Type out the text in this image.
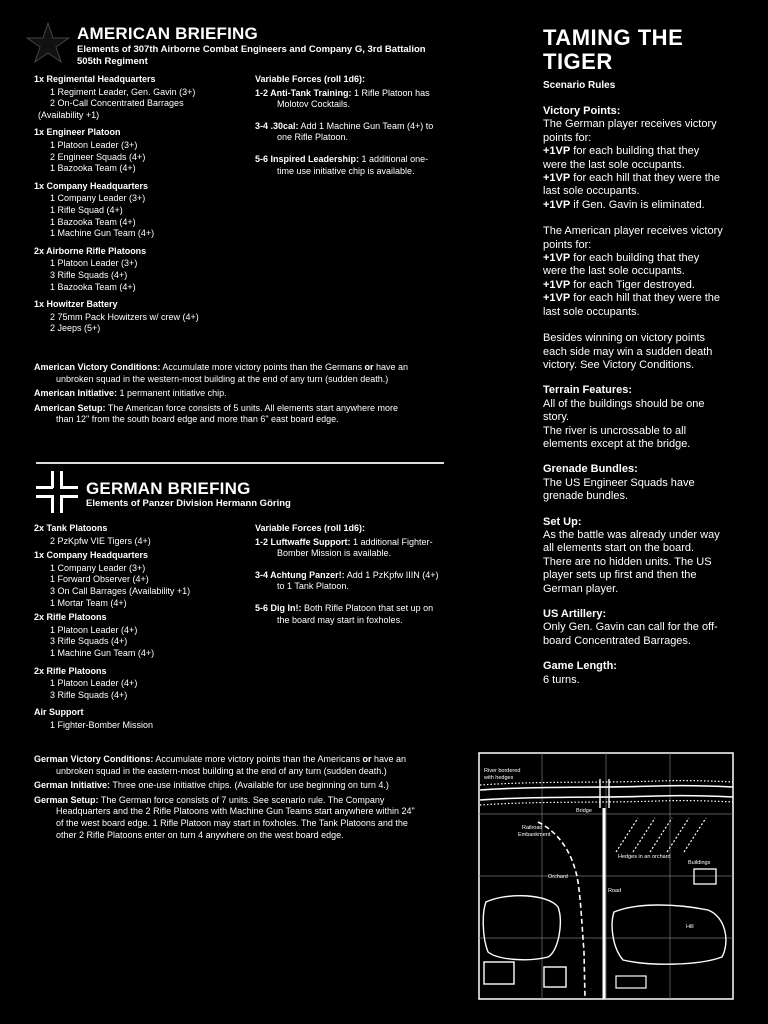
AMERICAN BRIEFING
Elements of 307th Airborne Combat Engineers and Company G, 3rd Battalion
505th Regiment
1x Regimental Headquarters
1 Regiment Leader, Gen. Gavin (3+)
2 On-Call Concentrated Barrages
(Availability +1)
1x Engineer Platoon
1 Platoon Leader (3+)
2 Engineer Squads (4+)
1 Bazooka Team (4+)
1x Company Headquarters
1 Company Leader (3+)
1 Rifle Squad (4+)
1 Bazooka Team (4+)
1 Machine Gun Team (4+)
2x Airborne Rifle Platoons
1 Platoon Leader (3+)
3 Rifle Squads (4+)
1 Bazooka Team (4+)
1x Howitzer Battery
2 75mm Pack Howitzers w/ crew (4+)
2 Jeeps (5+)
Variable Forces (roll 1d6):
1-2 Anti-Tank Training: 1 Rifle Platoon has
Molotov Cocktails.
3-4 .30cal: Add 1 Machine Gun Team (4+) to
one Rifle Platoon.
5-6 Inspired Leadership: 1 additional one-
time use initiative chip is available.

American Victory Conditions: Accumulate more victory points than the Germans or have an
unbroken squad in the western-most building at the end of any turn (sudden death.)

American Initiative: 1 permanent initiative chip.

American Setup: The American force consists of 5 units. All elements start anywhere more
than 12" from the south board edge and more than 6" east board edge.

GERMAN BRIEFING
Elements of Panzer Division Hermann Göring
2x Tank Platoons
2 PzKpfw VIE Tigers (4+)
1x Company Headquarters
1 Company Leader (3+)
1 Forward Observer (4+)
3 On Call Barrages (Availability +1)
1 Mortar Team (4+)
2x Rifle Platoons
1 Platoon Leader (4+)
3 Rifle Squads (4+)
1 Machine Gun Team (4+)
2x Rifle Platoons
1 Platoon Leader (4+)
3 Rifle Squads (4+)
Air Support
1 Fighter-Bomber Mission
Variable Forces (roll 1d6):
1-2 Luftwaffe Support: 1 additional Fighter-
Bomber Mission is available.
3-4 Achtung Panzer!: Add 1 PzKpfw IIIN (4+)
to 1 Tank Platoon.
5-6 Dig In!: Both Rifle Platoon that set up on
the board may start in foxholes.

German Victory Conditions: Accumulate more victory points than the Americans or have an
unbroken squad in the eastern-most building at the end of any turn (sudden death.)

German Initiative: Three one-use initiative chips. (Available for use beginning on turn 4.)

German Setup: The German force consists of 7 units. See scenario rule. The Company
Headquarters and the 2 Rifle Platoons with Machine Gun Teams start anywhere within 24"
of the west board edge. 1 Rifle Platoon may start in foxholes. The Tank Platoons and the
other 2 Rifle Platoons enter on turn 4 anywhere on the west board edge.

TAMING THE
TIGER
Scenario Rules
Victory Points:
The German player receives victory points for:
+1VP for each building that they were the last sole occupants.
+1VP for each hill that they were the
last sole occupants.
+1VP if Gen. Gavin is eliminated.
The American player receives victory points for:
+1VP for each building that they were the last sole occupants.
+1VP for each Tiger destroyed.
+1VP for each hill that they were the
last sole occupants.
Besides winning on victory points each side may win a sudden death victory. See Victory Conditions.
Terrain Features:
All of the buildings should be one story.
The river is uncrossable to all elements except at the bridge.
Grenade Bundles:
The US Engineer Squads have grenade bundles.
Set Up:
As the battle was already under way all elements start on the board. There are no hidden units. The US player sets up first and then the German player.
US Artillery:
Only Gen. Gavin can call for the off- board Concentrated Barrages.
Game Length:
6 turns.
River bordered
with hedges
Bridge
Railroad
Embankment
Hedges in an orchard
Buildings
Orchard
Road
Hill
